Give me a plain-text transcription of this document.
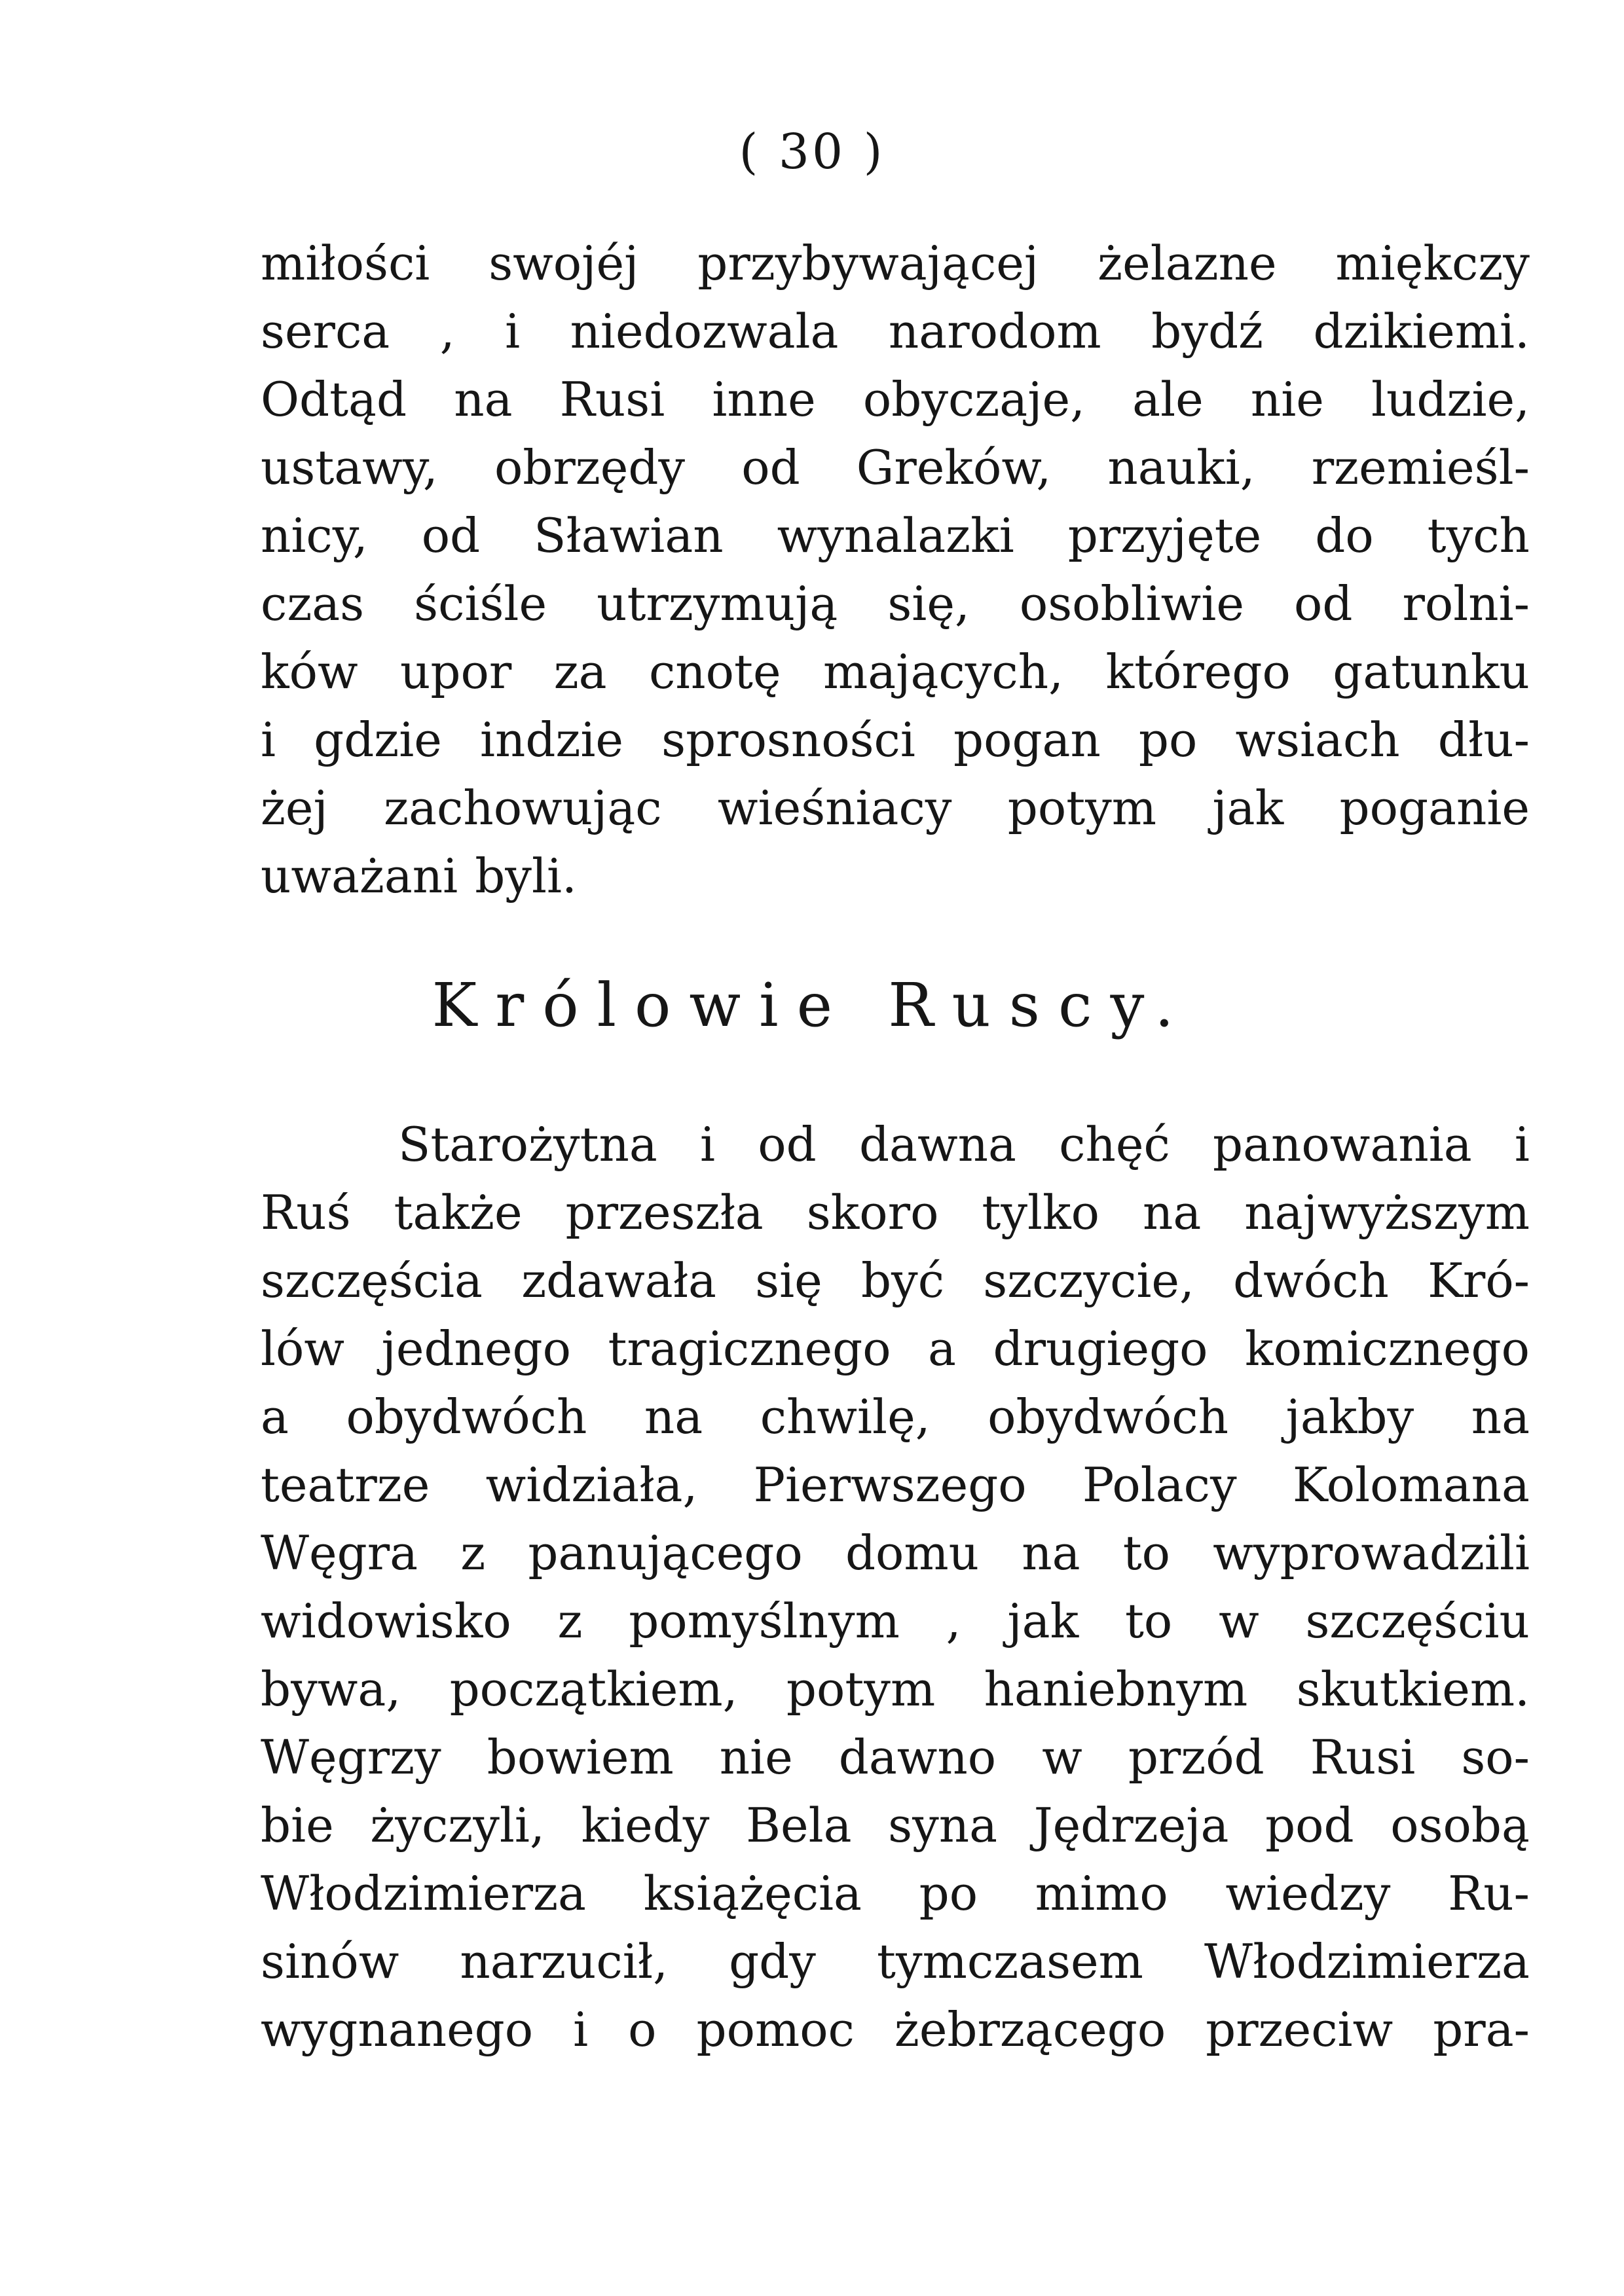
( 30 )
miłości swojéj przybywającej żelazne miękczy
serca , i niedozwala narodom bydź dzikiemi.
Odtąd na Rusi inne obyczaje, ale nie ludzie,
ustawy, obrzędy od Greków, nauki, rzemieśl-
nicy, od Sławian wynalazki przyjęte do tych
czas ściśle utrzymują się, osobliwie od rolni-
ków upor za cnotę mających, którego gatunku
i gdzie indzie sprosności pogan po wsiach dłu-
żej zachowując wieśniacy potym jak poganie
uważani byli.
Królowie Ruscy.
Starożytna i od dawna chęć panowania i
Ruś także przeszła skoro tylko na najwyższym
szczęścia zdawała się być szczycie, dwóch Kró-
lów jednego tragicznego a drugiego komicznego
a obydwóch na chwilę, obydwóch jakby na
teatrze widziała, Pierwszego Polacy Kolomana
Węgra z panującego domu na to wyprowadzili
widowisko z pomyślnym , jak to w szczęściu
bywa, początkiem, potym haniebnym skutkiem.
Węgrzy bowiem nie dawno w przód Rusi so-
bie życzyli, kiedy Bela syna Jędrzeja pod osobą
Włodzimierza książęcia po mimo wiedzy Ru-
sinów narzucił, gdy tymczasem Włodzimierza
wygnanego i o pomoc żebrzącego przeciw pra-
